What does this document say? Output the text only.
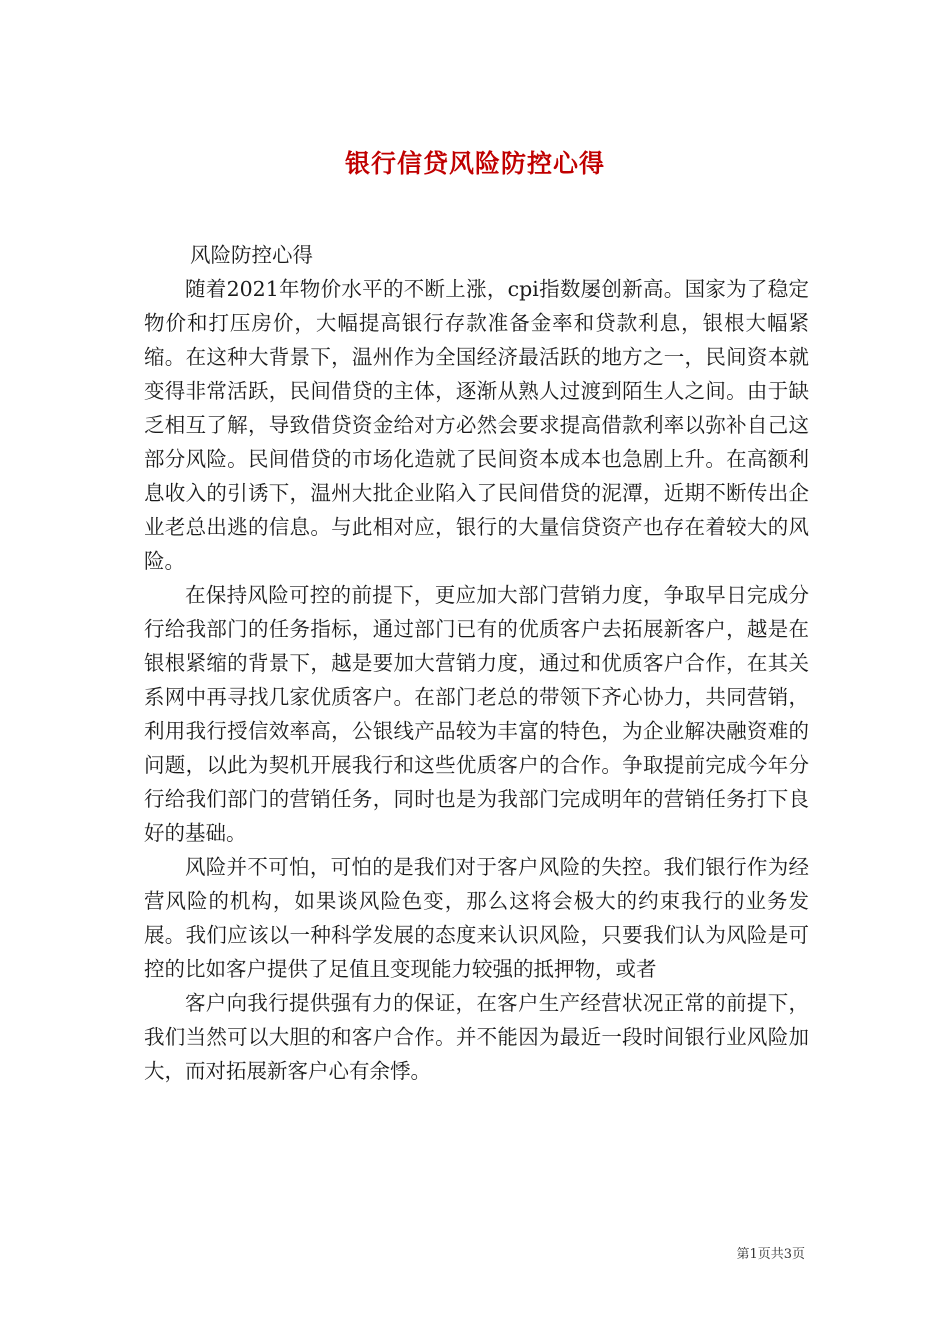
银行信贷风险防控心得

风险防控心得

随着2021年物价水平的不断上涨，cpi指数屡创新高。国家为了稳定物价和打压房价，大幅提高银行存款准备金率和贷款利息，银根大幅紧缩。在这种大背景下，温州作为全国经济最活跃的地方之一，民间资本就变得非常活跃，民间借贷的主体，逐渐从熟人过渡到陌生人之间。由于缺乏相互了解，导致借贷资金给对方必然会要求提高借款利率以弥补自己这部分风险。民间借贷的市场化造就了民间资本成本也急剧上升。在高额利息收入的引诱下，温州大批企业陷入了民间借贷的泥潭，近期不断传出企业老总出逃的信息。与此相对应，银行的大量信贷资产也存在着较大的风险。

在保持风险可控的前提下，更应加大部门营销力度，争取早日完成分行给我部门的任务指标，通过部门已有的优质客户去拓展新客户，越是在银根紧缩的背景下，越是要加大营销力度，通过和优质客户合作，在其关系网中再寻找几家优质客户。在部门老总的带领下齐心协力，共同营销，利用我行授信效率高，公银线产品较为丰富的特色，为企业解决融资难的问题，以此为契机开展我行和这些优质客户的合作。争取提前完成今年分行给我们部门的营销任务，同时也是为我部门完成明年的营销任务打下良好的基础。

风险并不可怕，可怕的是我们对于客户风险的失控。我们银行作为经营风险的机构，如果谈风险色变，那么这将会极大的约束我行的业务发展。我们应该以一种科学发展的态度来认识风险，只要我们认为风险是可控的比如客户提供了足值且变现能力较强的抵押物，或者

客户向我行提供强有力的保证，在客户生产经营状况正常的前提下，我们当然可以大胆的和客户合作。并不能因为最近一段时间银行业风险加大，而对拓展新客户心有余悸。

第1页共3页
